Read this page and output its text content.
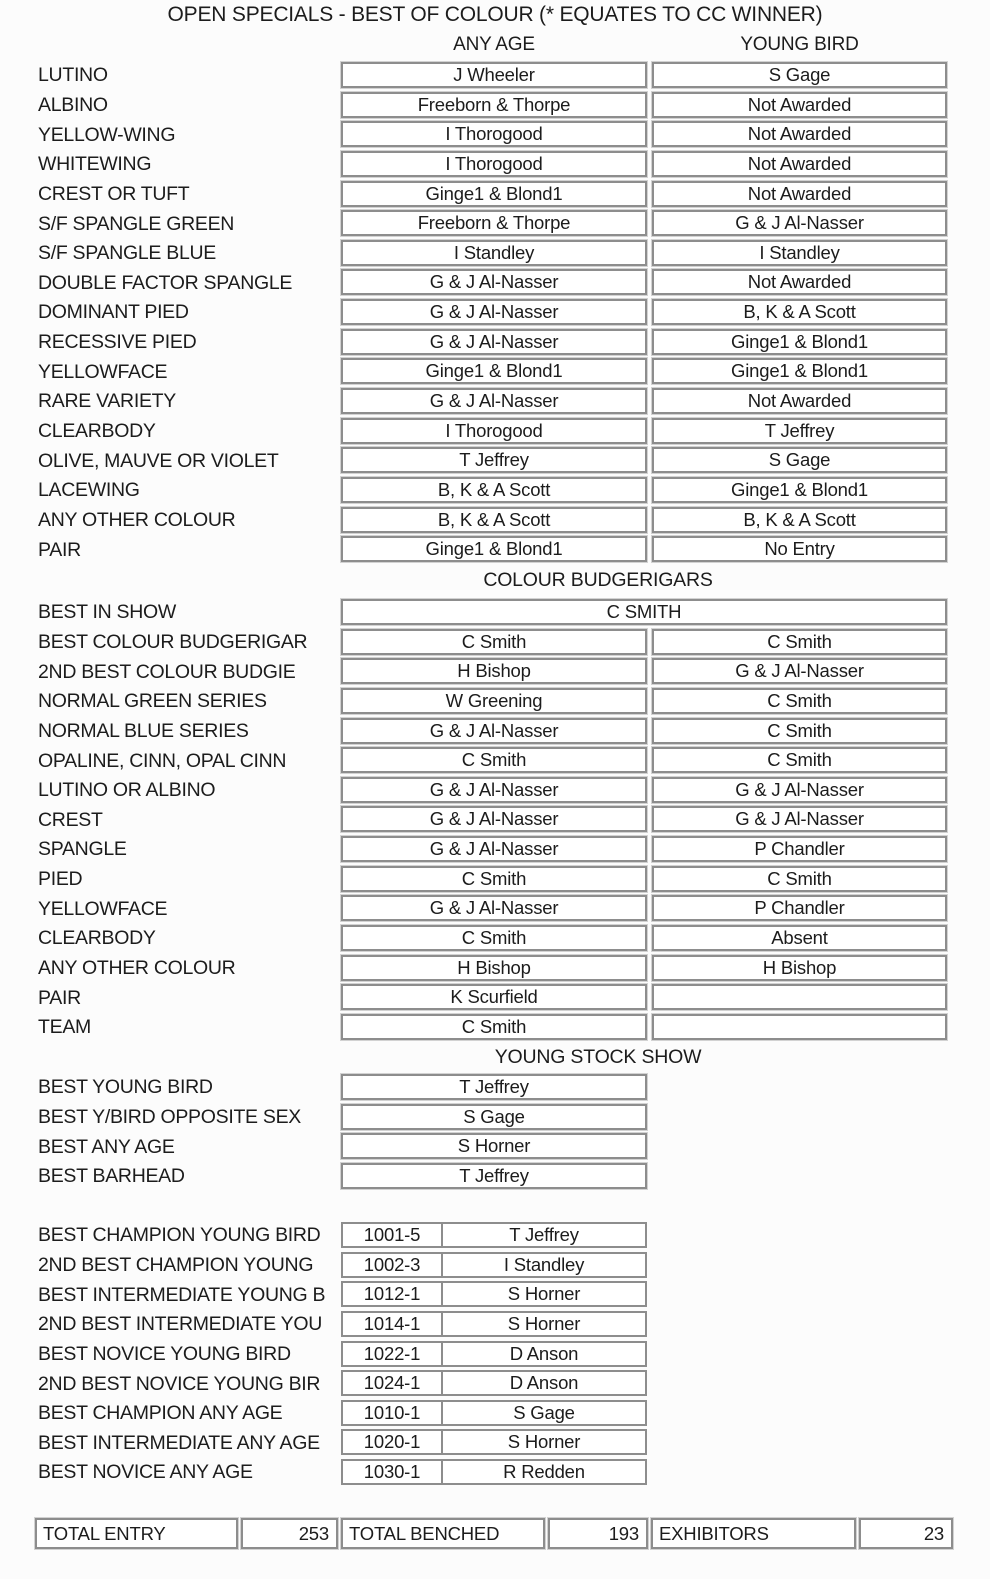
OPEN SPECIALS - BEST OF COLOUR (* EQUATES TO CC WINNER)
ANY AGE	YOUNG BIRD
LUTINO	J Wheeler	S Gage
ALBINO	Freeborn & Thorpe	Not Awarded
YELLOW-WING	I Thorogood	Not Awarded
WHITEWING	I Thorogood	Not Awarded
CREST OR TUFT	Ginge1 & Blond1	Not Awarded
S/F SPANGLE GREEN	Freeborn & Thorpe	G & J Al-Nasser
S/F SPANGLE BLUE	I Standley	I Standley
DOUBLE FACTOR SPANGLE	G & J Al-Nasser	Not Awarded
DOMINANT PIED	G & J Al-Nasser	B, K & A Scott
RECESSIVE PIED	G & J Al-Nasser	Ginge1 & Blond1
YELLOWFACE	Ginge1 & Blond1	Ginge1 & Blond1
RARE VARIETY	G & J Al-Nasser	Not Awarded
CLEARBODY	I Thorogood	T Jeffrey
OLIVE, MAUVE OR VIOLET	T Jeffrey	S Gage
LACEWING	B, K & A Scott	Ginge1 & Blond1
ANY OTHER COLOUR	B, K & A Scott	B, K & A Scott
PAIR	Ginge1 & Blond1	No Entry
COLOUR BUDGERIGARS
BEST IN SHOW	C SMITH
BEST COLOUR BUDGERIGAR	C Smith	C Smith
2ND BEST COLOUR BUDGIE	H Bishop	G & J Al-Nasser
NORMAL GREEN SERIES	W Greening	C Smith
NORMAL BLUE SERIES	G & J Al-Nasser	C Smith
OPALINE, CINN, OPAL CINN	C Smith	C Smith
LUTINO OR ALBINO	G & J Al-Nasser	G & J Al-Nasser
CREST	G & J Al-Nasser	G & J Al-Nasser
SPANGLE	G & J Al-Nasser	P Chandler
PIED	C Smith	C Smith
YELLOWFACE	G & J Al-Nasser	P Chandler
CLEARBODY	C Smith	Absent
ANY OTHER COLOUR	H Bishop	H Bishop
PAIR	K Scurfield
TEAM	C Smith
YOUNG STOCK SHOW
BEST YOUNG BIRD	T Jeffrey
BEST Y/BIRD OPPOSITE SEX	S Gage
BEST ANY AGE	S Horner
BEST BARHEAD	T Jeffrey
BEST CHAMPION YOUNG BIRD	1001-5	T Jeffrey
2ND BEST CHAMPION YOUNG	1002-3	I Standley
BEST INTERMEDIATE YOUNG B	1012-1	S Horner
2ND BEST INTERMEDIATE YOU	1014-1	S Horner
BEST NOVICE YOUNG BIRD	1022-1	D Anson
2ND BEST NOVICE YOUNG BIR	1024-1	D Anson
BEST CHAMPION ANY AGE	1010-1	S Gage
BEST INTERMEDIATE ANY AGE	1020-1	S Horner
BEST NOVICE ANY AGE	1030-1	R Redden
TOTAL ENTRY	253	TOTAL BENCHED	193	EXHIBITORS	23
